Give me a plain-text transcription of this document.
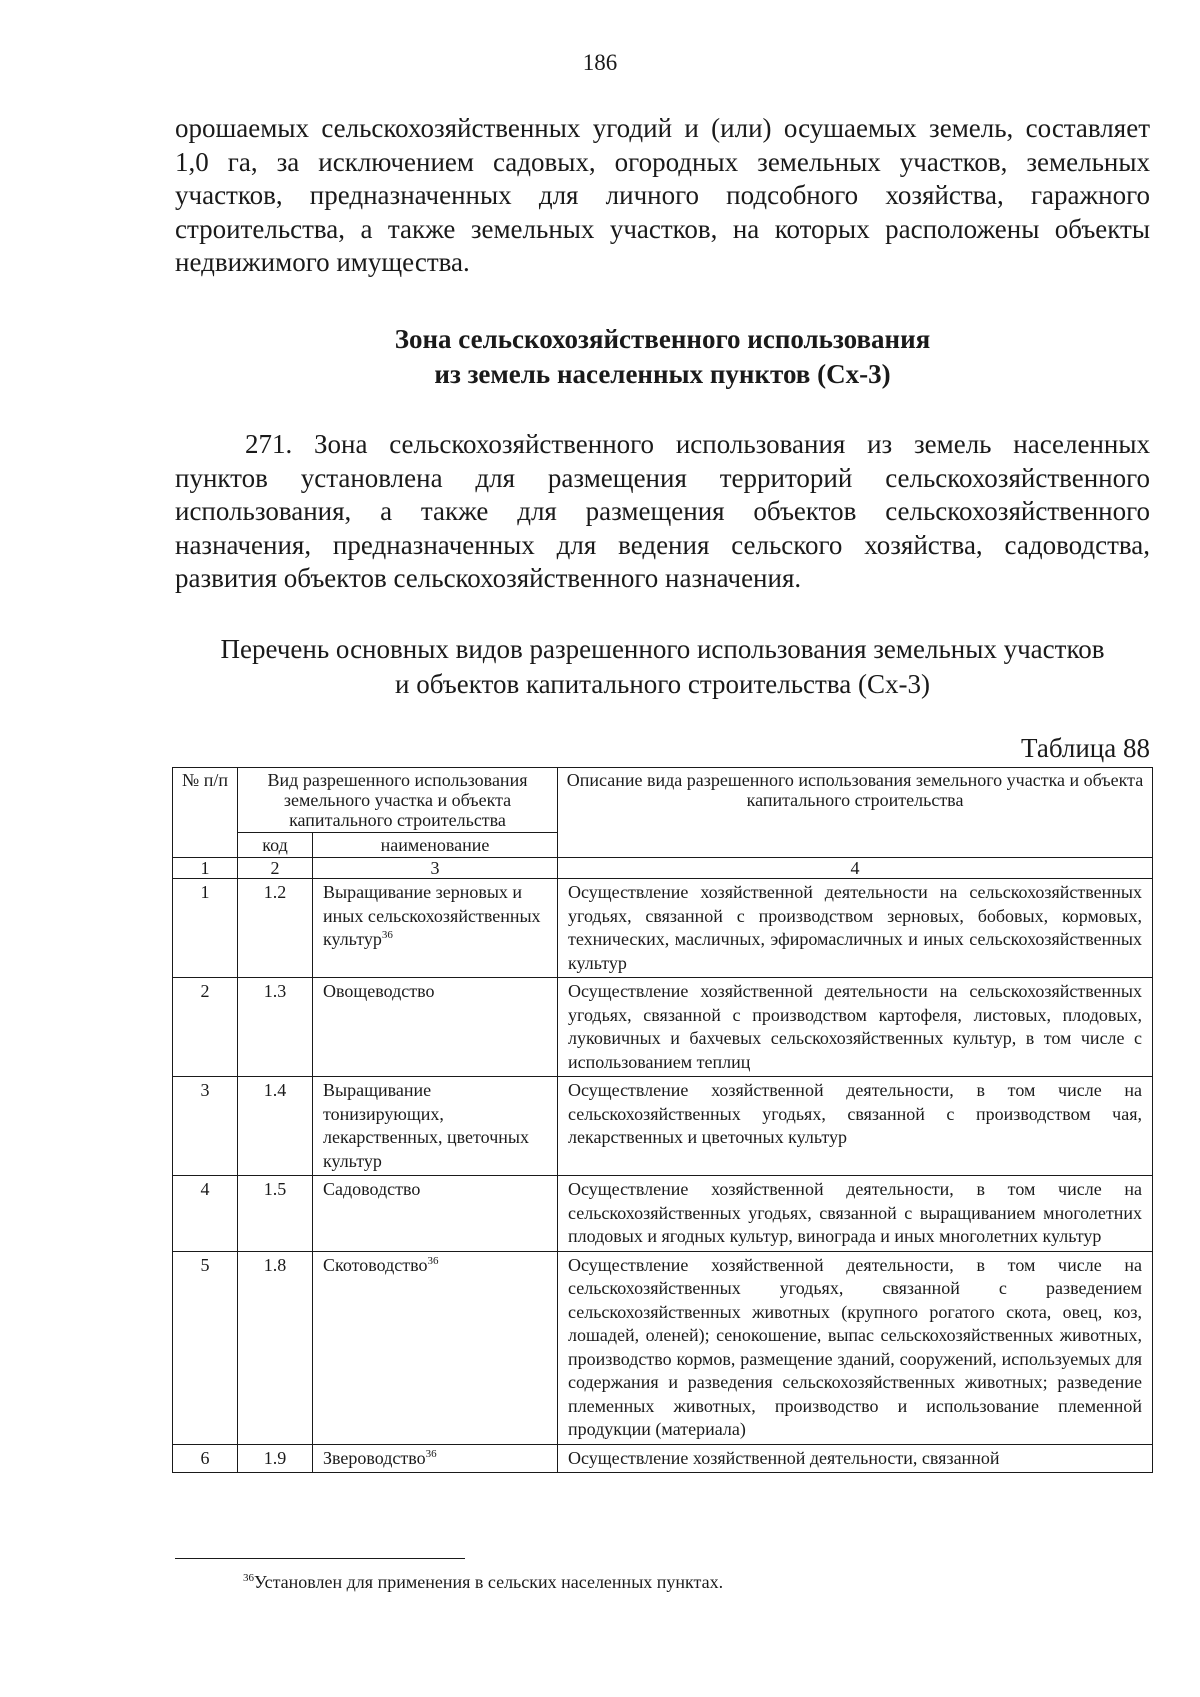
186

орошаемых сельскохозяйственных угодий и (или) осушаемых земель, составляет 1,0 га, за исключением садовых, огородных земельных участков, земельных участков, предназначенных для личного подсобного хозяйства, гаражного строительства, а также земельных участков, на которых расположены объекты недвижимого имущества.

Зона сельскохозяйственного использования
из земель населенных пунктов (Сх-3)

271. Зона сельскохозяйственного использования из земель населенных пунктов установлена для размещения территорий сельскохозяйственного использования, а также для размещения объектов сельскохозяйственного назначения, предназначенных для ведения сельского хозяйства, садоводства, развития объектов сельскохозяйственного назначения.

Перечень основных видов разрешенного использования земельных участков
и объектов капитального строительства (Сх-3)
Таблица 88
№ п/п	Вид разрешенного использования земельного участка и объекта капитального строительства		Описание вида разрешенного использования земельного участка и объекта капитального строительства
	код	наименование	
1	2	3	4
1	1.2	Выращивание зерновых и иных сельскохозяйственных культур$^{36}$	Осуществление хозяйственной деятельности на сельскохозяйственных угодьях, связанной с производством зерновых, бобовых, кормовых, технических, масличных, эфиромасличных и иных сельскохозяйственных культур
2	1.3	Овощеводство	Осуществление хозяйственной деятельности на сельскохозяйственных угодьях, связанной с производством картофеля, листовых, плодовых, луковичных и бахчевых сельскохозяйственных культур, в том числе с использованием теплиц
3	1.4	Выращивание тонизирующих, лекарственных, цветочных культур	Осуществление хозяйственной деятельности, в том числе на сельскохозяйственных угодьях, связанной с производством чая, лекарственных и цветочных культур
4	1.5	Садоводство	Осуществление хозяйственной деятельности, в том числе на сельскохозяйственных угодьях, связанной с выращиванием многолетних плодовых и ягодных культур, винограда и иных многолетних культур
5	1.8	Скотоводство$^{36}$	Осуществление хозяйственной деятельности, в том числе на сельскохозяйственных угодьях, связанной с разведением сельскохозяйственных животных (крупного рогатого скота, овец, коз, лошадей, оленей); сенокошение, выпас сельскохозяйственных животных, производство кормов, размещение зданий, сооружений, используемых для содержания и разведения сельскохозяйственных животных; разведение племенных животных, производство и использование племенной продукции (материала)
6	1.9	Звероводство$^{36}$	Осуществление хозяйственной деятельности, связанной
$^{36}$Установлен для применения в сельских населенных пунктах.
